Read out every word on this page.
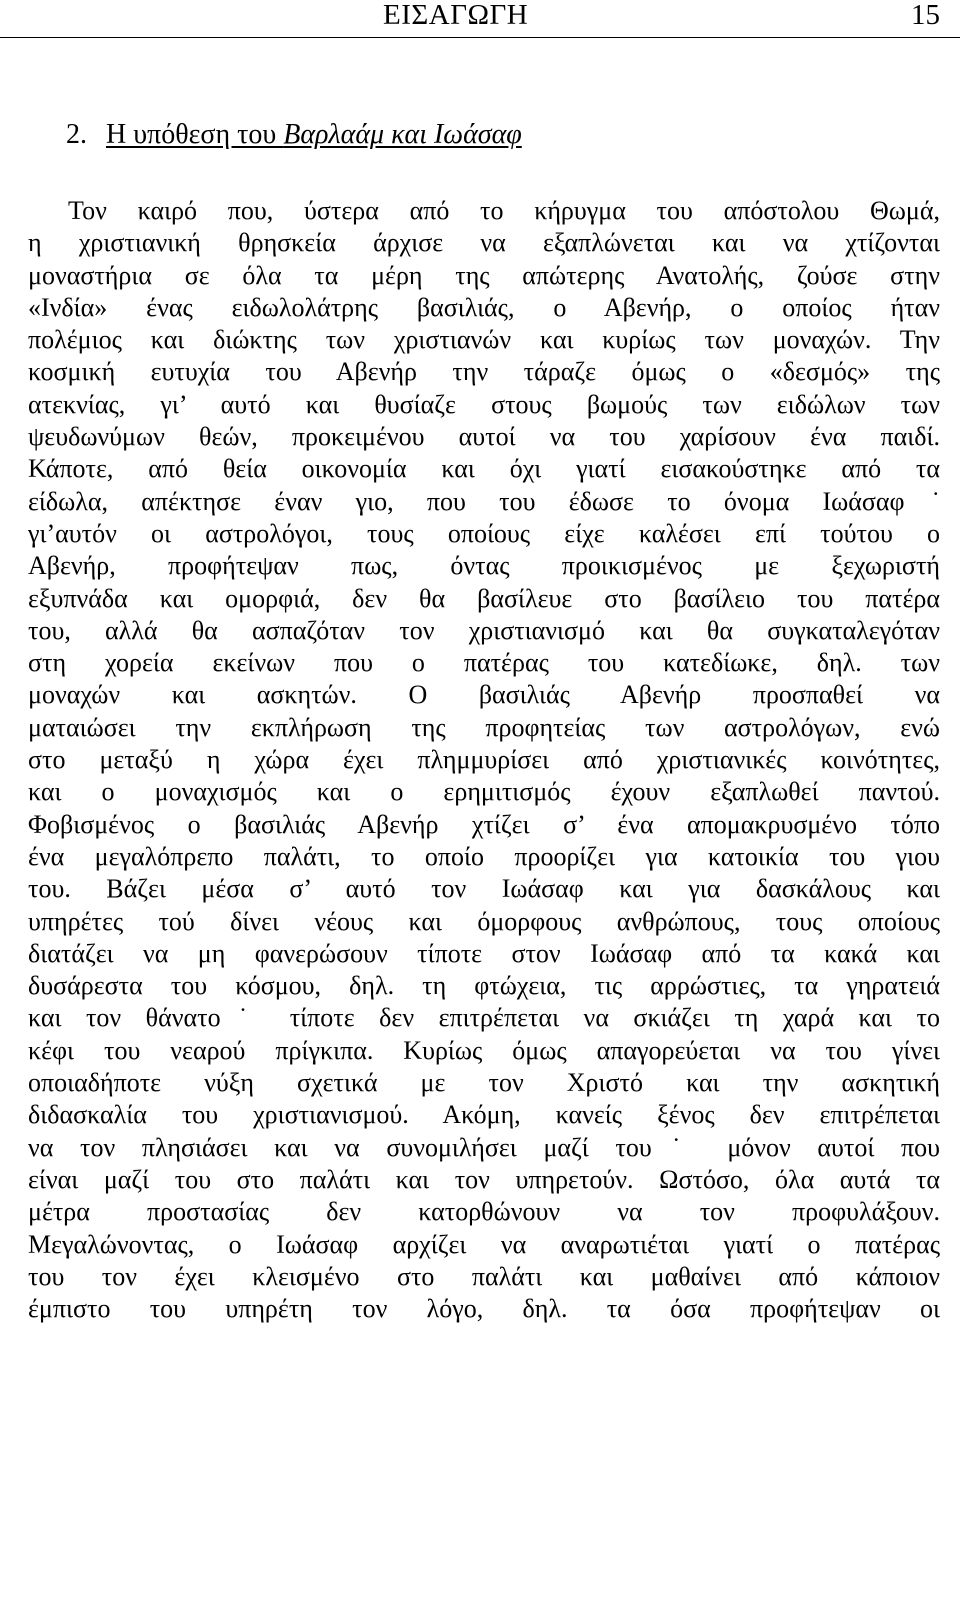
ΕΙΣΑΓΩΓΗ	15
2. Η υπόθεση του Βαρλαάμ και Ιωάσαφ
Τον καιρό που, ύστερα από το κήρυγμα του απόστολου Θωμά,
η χριστιανική θρησκεία άρχισε να εξαπλώνεται και να χτίζονται
μοναστήρια σε όλα τα μέρη της απώτερης Ανατολής, ζούσε στην
«Ινδία» ένας ειδωλολάτρης βασιλιάς, ο Αβενήρ, ο οποίος ήταν
πολέμιος και διώκτης των χριστιανών και κυρίως των μοναχών. Την
κοσμική ευτυχία του Αβενήρ την τάραζε όμως ο «δεσμός» της
ατεκνίας, γι’ αυτό και θυσίαζε στους βωμούς των ειδώλων των
ψευδωνύμων θεών, προκειμένου αυτοί να του χαρίσουν ένα παιδί.
Κάποτε, από θεία οικονομία και όχι γιατί εισακούστηκε από τα
είδωλα, απέκτησε έναν γιο, που του έδωσε το όνομα Ιωάσαφ˙
γι’αυτόν οι αστρολόγοι, τους οποίους είχε καλέσει επί τούτου ο
Αβενήρ, προφήτεψαν πως, όντας προικισμένος με ξεχωριστή
εξυπνάδα και ομορφιά, δεν θα βασίλευε στο βασίλειο του πατέρα
του, αλλά θα ασπαζόταν τον χριστιανισμό και θα συγκαταλεγόταν
στη χορεία εκείνων που ο πατέρας του κατεδίωκε, δηλ. των
μοναχών και ασκητών. Ο βασιλιάς Αβενήρ προσπαθεί να
ματαιώσει την εκπλήρωση της προφητείας των αστρολόγων, ενώ
στο μεταξύ η χώρα έχει πλημμυρίσει από χριστιανικές κοινότητες,
και ο μοναχισμός και ο ερημιτισμός έχουν εξαπλωθεί παντού.
Φοβισμένος ο βασιλιάς Αβενήρ χτίζει σ’ ένα απομακρυσμένο τόπο
ένα μεγαλόπρεπο παλάτι, το οποίο προορίζει για κατοικία του γιου
του. Βάζει μέσα σ’ αυτό τον Ιωάσαφ και για δασκάλους και
υπηρέτες τού δίνει νέους και όμορφους ανθρώπους, τους οποίους
διατάζει να μη φανερώσουν τίποτε στον Ιωάσαφ από τα κακά και
δυσάρεστα του κόσμου, δηλ. τη φτώχεια, τις αρρώστιες, τα γηρατειά
και τον θάνατο˙ τίποτε δεν επιτρέπεται να σκιάζει τη χαρά και το
κέφι του νεαρού πρίγκιπα. Κυρίως όμως απαγορεύεται να του γίνει
οποιαδήποτε νύξη σχετικά με τον Χριστό και την ασκητική
διδασκαλία του χριστιανισμού. Ακόμη, κανείς ξένος δεν επιτρέπεται
να τον πλησιάσει και να συνομιλήσει μαζί του˙ μόνον αυτοί που
είναι μαζί του στο παλάτι και τον υπηρετούν. Ωστόσο, όλα αυτά τα
μέτρα προστασίας δεν κατορθώνουν να τον προφυλάξουν.
Μεγαλώνοντας, ο Ιωάσαφ αρχίζει να αναρωτιέται γιατί ο πατέρας
του τον έχει κλεισμένο στο παλάτι και μαθαίνει από κάποιον
έμπιστο του υπηρέτη τον λόγο, δηλ. τα όσα προφήτεψαν οι
